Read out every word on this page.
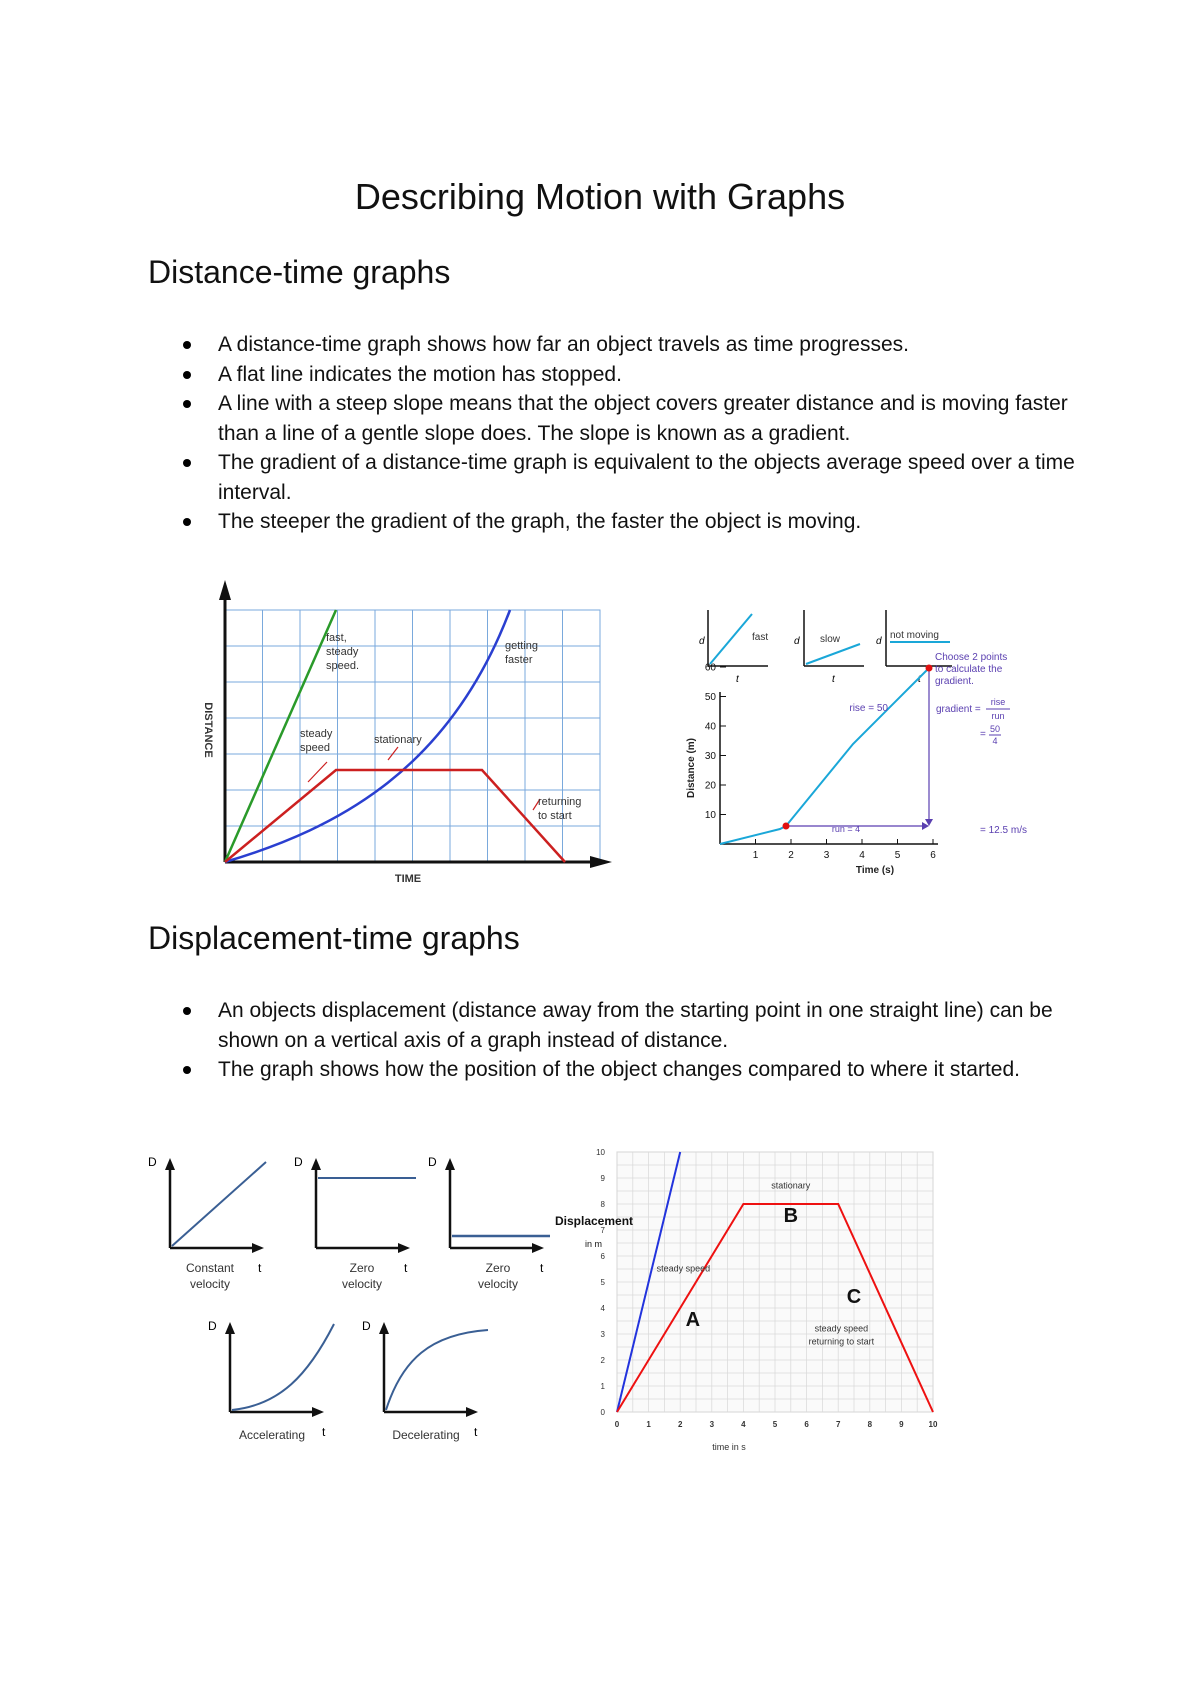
Describing Motion with Graphs
Distance-time graphs
A distance-time graph shows how far an object travels as time progresses.
A flat line indicates the motion has stopped.
A line with a steep slope means that the object covers greater distance and is moving faster than a line of a gentle slope does. The slope is known as a gradient.
The gradient of a distance-time graph is equivalent to the objects average speed over a time interval.
The steeper the gradient of the graph, the faster the object is moving.
DISTANCE
TIME
fast,
steady
speed.
getting
faster
steady
speed
stationary
returning
to start
d
t
fast	d
t
slow	d
t
not moving
60
50
40
30
20
10
1	2	3	4	5	6
Distance (m)
Time (s)
rise = 50
run = 4
Choose 2 points
to calculate the
gradient.
gradient =
rise
run
= 50
4
= 12.5 m/s
Displacement-time graphs
An objects displacement (distance away from the starting point in one straight line) can be shown on a vertical axis of a graph instead of distance.
The graph shows how the position of the object changes compared to where it started.
D
t
Constant
velocity
D
t
Zero
velocity
D
t
Zero
velocity
D
t
Accelerating
D
t
Decelerating
0	1	2	3	4	5	6	7	8	9	10
0
1
2
3
4
5
6
7
8
9
10
Displacement in m
time in s
stationary
steady speed
A
B
C
steady speed
returning to start
